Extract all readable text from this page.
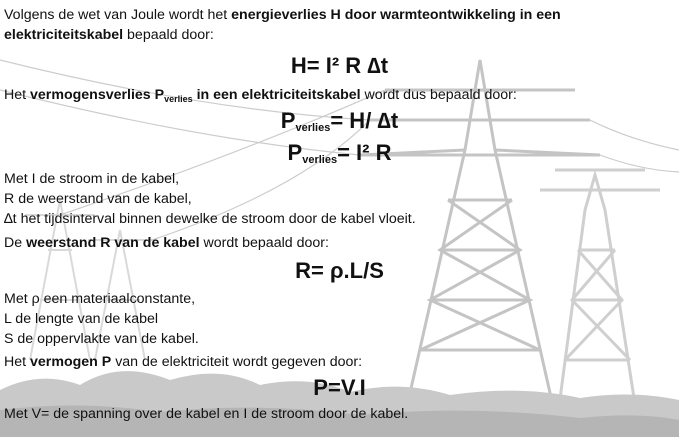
Volgens de wet van Joule wordt het energieverlies H door warmteontwikkeling in een
elektriciteitskabel bepaald door:
H= I² R ∆t
Het vermogensverlies $P_{verlies}$ in een elektriciteitskabel wordt dus bepaald door:
$P_{verlies}= H/$ ∆t
$P_{verlies}= I^2$ R
Met I de stroom in de kabel,
R de weerstand van de kabel,
∆t het tijdsinterval binnen dewelke de stroom door de kabel vloeit.
De weerstand R van de kabel wordt bepaald door:
R= ρ.L/S
Met ρ een materiaalconstante,
L de lengte van de kabel
S de oppervlakte van de kabel.
Het vermogen P van de elektriciteit wordt gegeven door:
P=V.I
Met V= de spanning over de kabel en I de stroom door de kabel.
